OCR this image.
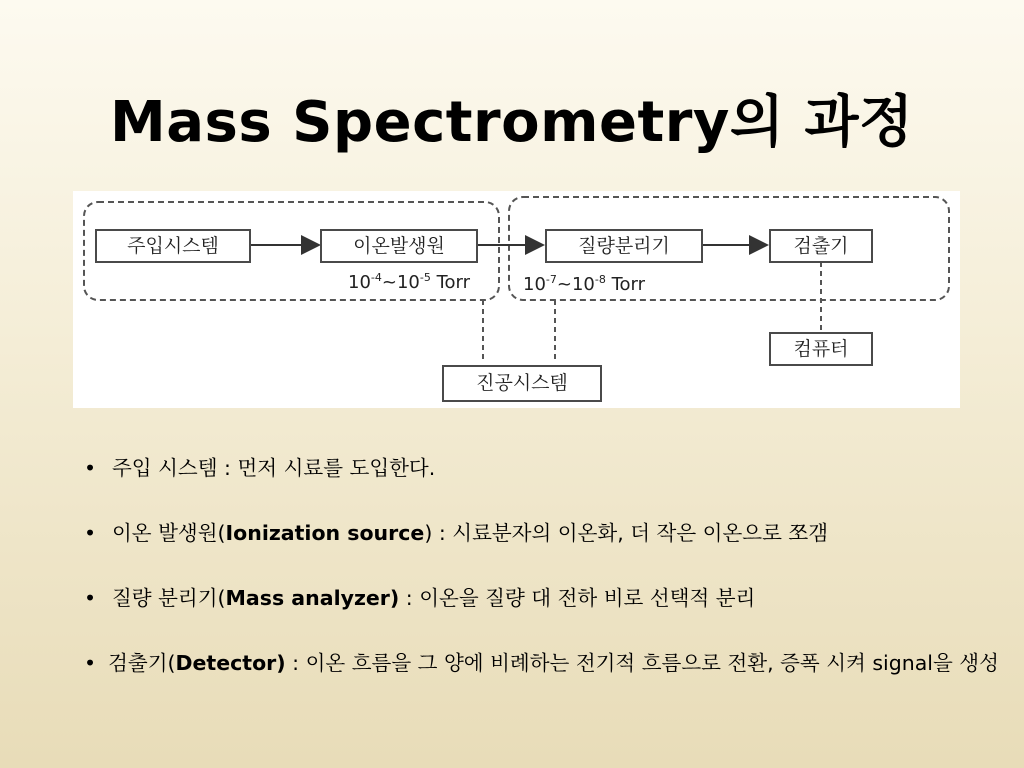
Mass Spectrometry의 과정
주입시스템	이온발생원	질량분리기	검출기
컴퓨터
진공시스템
$10^{-4}\sim 10^{-5}$ Torr	$10^{-7}\sim 10^{-8}$ Torr
• 주입 시스템 : 먼저 시료를 도입한다.
• 이온 발생원(Ionization source) : 시료분자의 이온화, 더 작은 이온으로 쪼갬
• 질량 분리기(Mass analyzer) : 이온을 질량 대 전하 비로 선택적 분리
• 검출기(Detector) : 이온 흐름을 그 양에 비례하는 전기적 흐름으로 전환, 증폭 시켜 signal을 생성
